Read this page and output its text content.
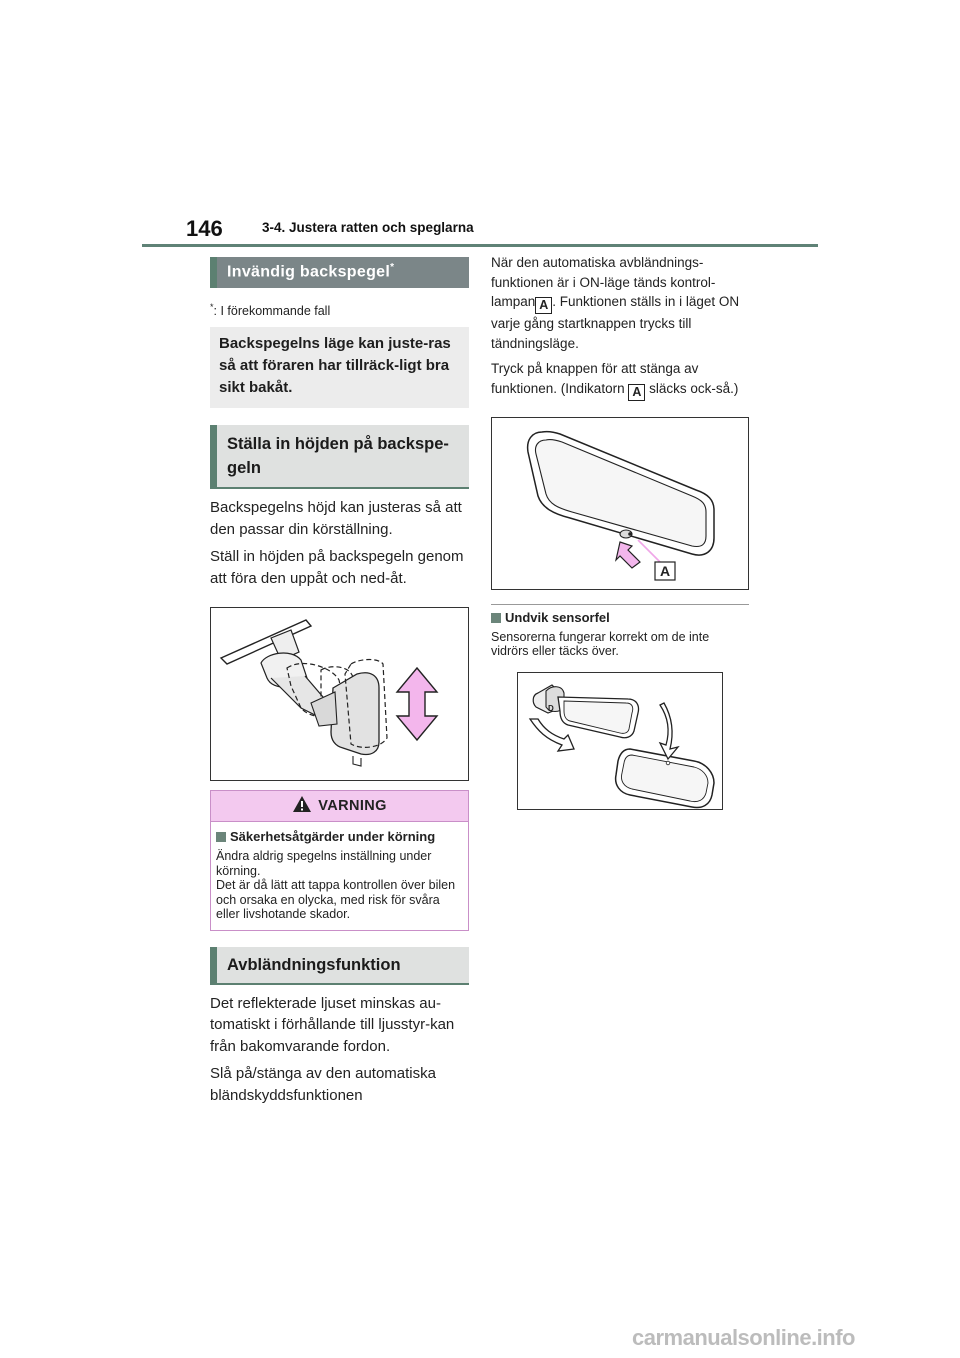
146	3-4. Justera ratten och speglarna
Invändig backspegel*
*: I förekommande fall
Backspegelns läge kan juste-ras så att föraren har tillräck-ligt bra sikt bakåt.
Ställa in höjden på backspe-geln

Backspegelns höjd kan justeras så att den passar din körställning.

Ställ in höjden på backspegeln genom att föra den uppåt och ned-åt.

VARNING
Säkerhetsåtgärder under körning
Ändra aldrig spegelns inställning under körning.
Det är då lätt att tappa kontrollen över bilen och orsaka en olycka, med risk för svåra eller livshotande skador.
Avbländningsfunktion

Det reflekterade ljuset minskas au-tomatiskt i förhållande till ljusstyr-kan från bakomvarande fordon.

Slå på/stänga av den automatiska bländskyddsfunktionen

När den automatiska avbländnings-funktionen är i ON-läge tänds kontrol-lampan A . Funktionen ställs in i läget ON varje gång startknappen trycks till tändningsläge.

Tryck på knappen för att stänga av funktionen. (Indikatorn A släcks ock-så.)

A
Undvik sensorfel
Sensorerna fungerar korrekt om de inte vidrörs eller täcks över.
D
carmanualsonline.info
